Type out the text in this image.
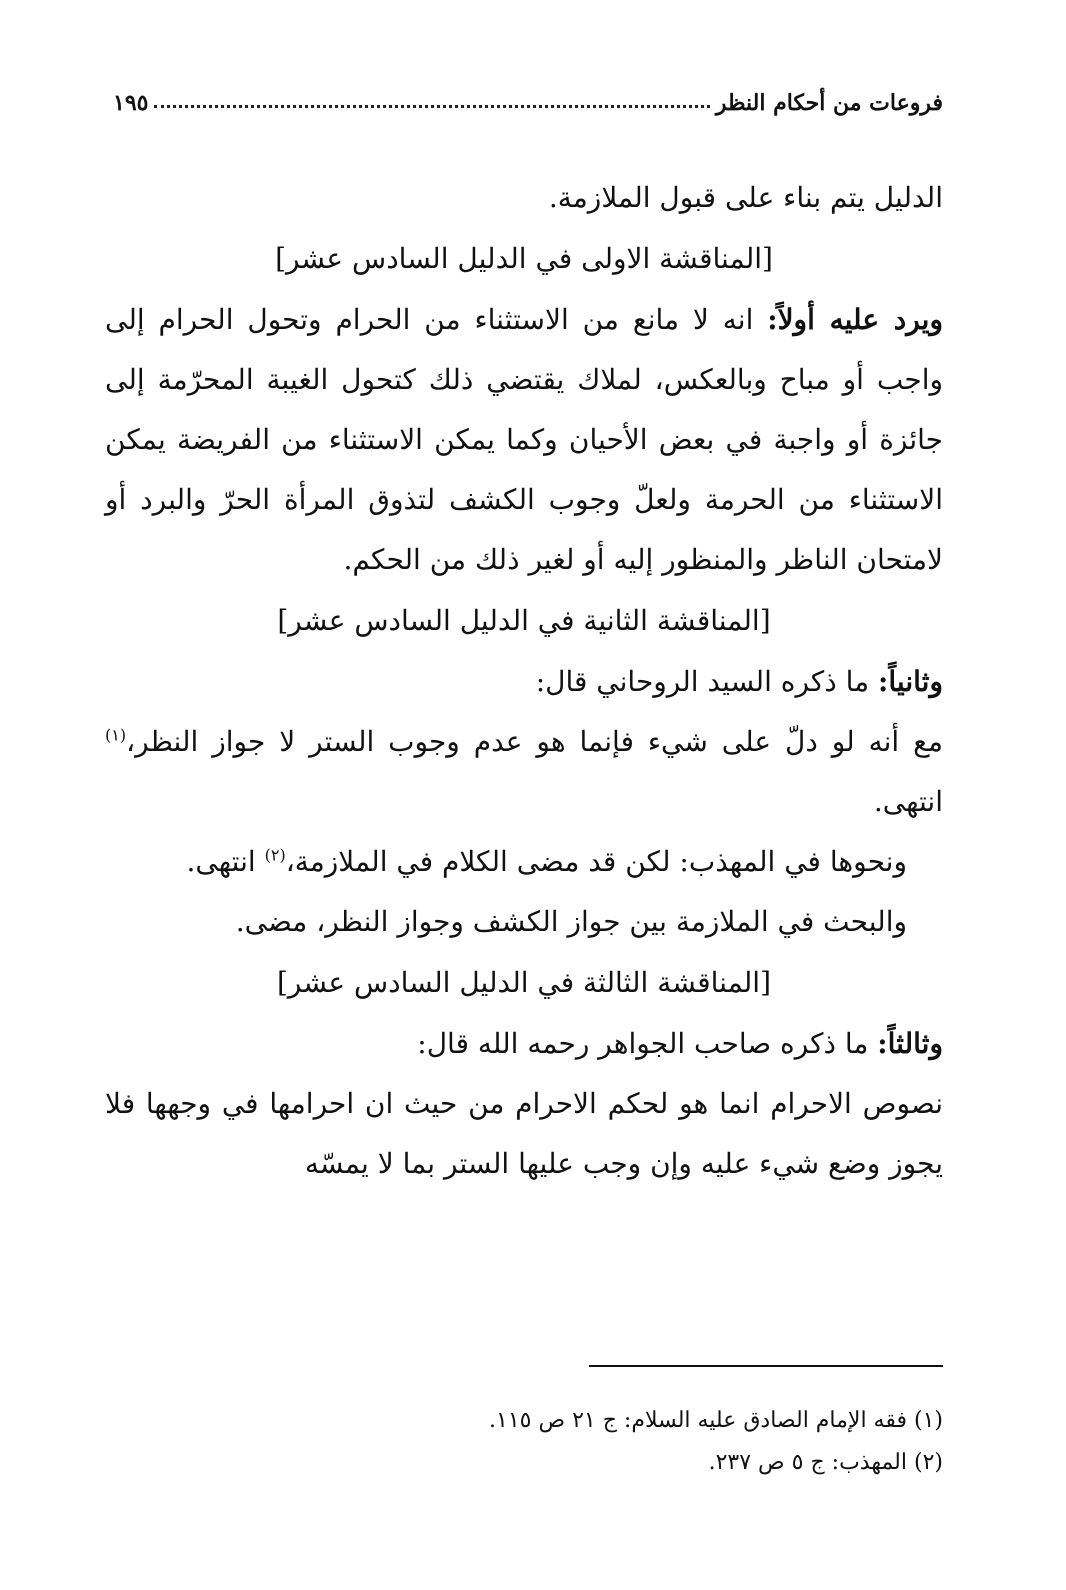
فروعات من أحكام النظر
١٩٥

الدليل يتم بناء على قبول الملازمة.

[المناقشة الاولى في الدليل السادس عشر]

ويرد عليه أولاً: انه لا مانع من الاستثناء من الحرام وتحول الحرام إلى واجب أو مباح وبالعكس، لملاك يقتضي ذلك كتحول الغيبة المحرّمة إلى جائزة أو واجبة في بعض الأحيان وكما يمكن الاستثناء من الفريضة يمكن الاستثناء من الحرمة ولعلّ وجوب الكشف لتذوق المرأة الحرّ والبرد أو لامتحان الناظر والمنظور إليه أو لغير ذلك من الحكم.

[المناقشة الثانية في الدليل السادس عشر]

وثانياً: ما ذكره السيد الروحاني قال:

مع أنه لو دلّ على شيء فإنما هو عدم وجوب الستر لا جواز النظر،$^{(١)}$ انتهى.

ونحوها في المهذب: لكن قد مضى الكلام في الملازمة،$^{(٢)}$ انتهى.

والبحث في الملازمة بين جواز الكشف وجواز النظر، مضى.

[المناقشة الثالثة في الدليل السادس عشر]

وثالثاً: ما ذكره صاحب الجواهر رحمه الله قال:

نصوص الاحرام انما هو لحكم الاحرام من حيث ان احرامها في وجهها فلا يجوز وضع شيء عليه وإن وجب عليها الستر بما لا يمسّه

(١) فقه الإمام الصادق عليه السلام: ج ٢١ ص ١١٥.
(٢) المهذب: ج ٥ ص ٢٣٧.
